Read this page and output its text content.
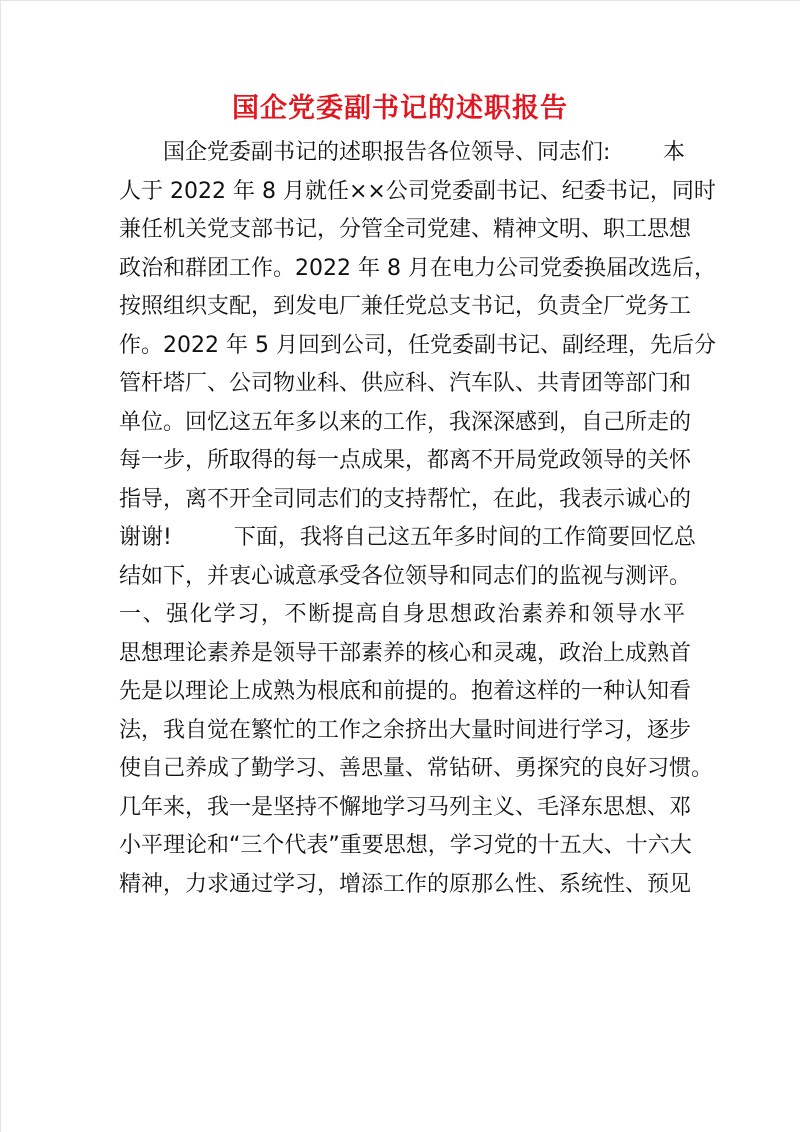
国企党委副书记的述职报告
国企党委副书记的述职报告各位领导、同志们: 本
人于 2022 年 8 月就任××公司党委副书记、纪委书记，同时
兼任机关党支部书记，分管全司党建、精神文明、职工思想
政治和群团工作。2022 年 8 月在电力公司党委换届改选后，
按照组织支配，到发电厂兼任党总支书记，负责全厂党务工
作。2022 年 5 月回到公司，任党委副书记、副经理，先后分
管杆塔厂、公司物业科、供应科、汽车队、共青团等部门和
单位。回忆这五年多以来的工作，我深深感到，自己所走的
每一步，所取得的每一点成果，都离不开局党政领导的关怀
指导，离不开全司同志们的支持帮忙，在此，我表示诚心的
谢谢!	下面，我将自己这五年多时间的工作简要回忆总
结如下，并衷心诚意承受各位领导和同志们的监视与测评。
一、强化学习，不断提高自身思想政治素养和领导水平
思想理论素养是领导干部素养的核心和灵魂，政治上成熟首
先是以理论上成熟为根底和前提的。抱着这样的一种认知看
法，我自觉在繁忙的工作之余挤出大量时间进行学习，逐步
使自己养成了勤学习、善思量、常钻研、勇探究的良好习惯。
几年来，我一是坚持不懈地学习马列主义、毛泽东思想、邓
小平理论和“三个代表”重要思想，学习党的十五大、十六大
精神，力求通过学习，增添工作的原那么性、系统性、预见
